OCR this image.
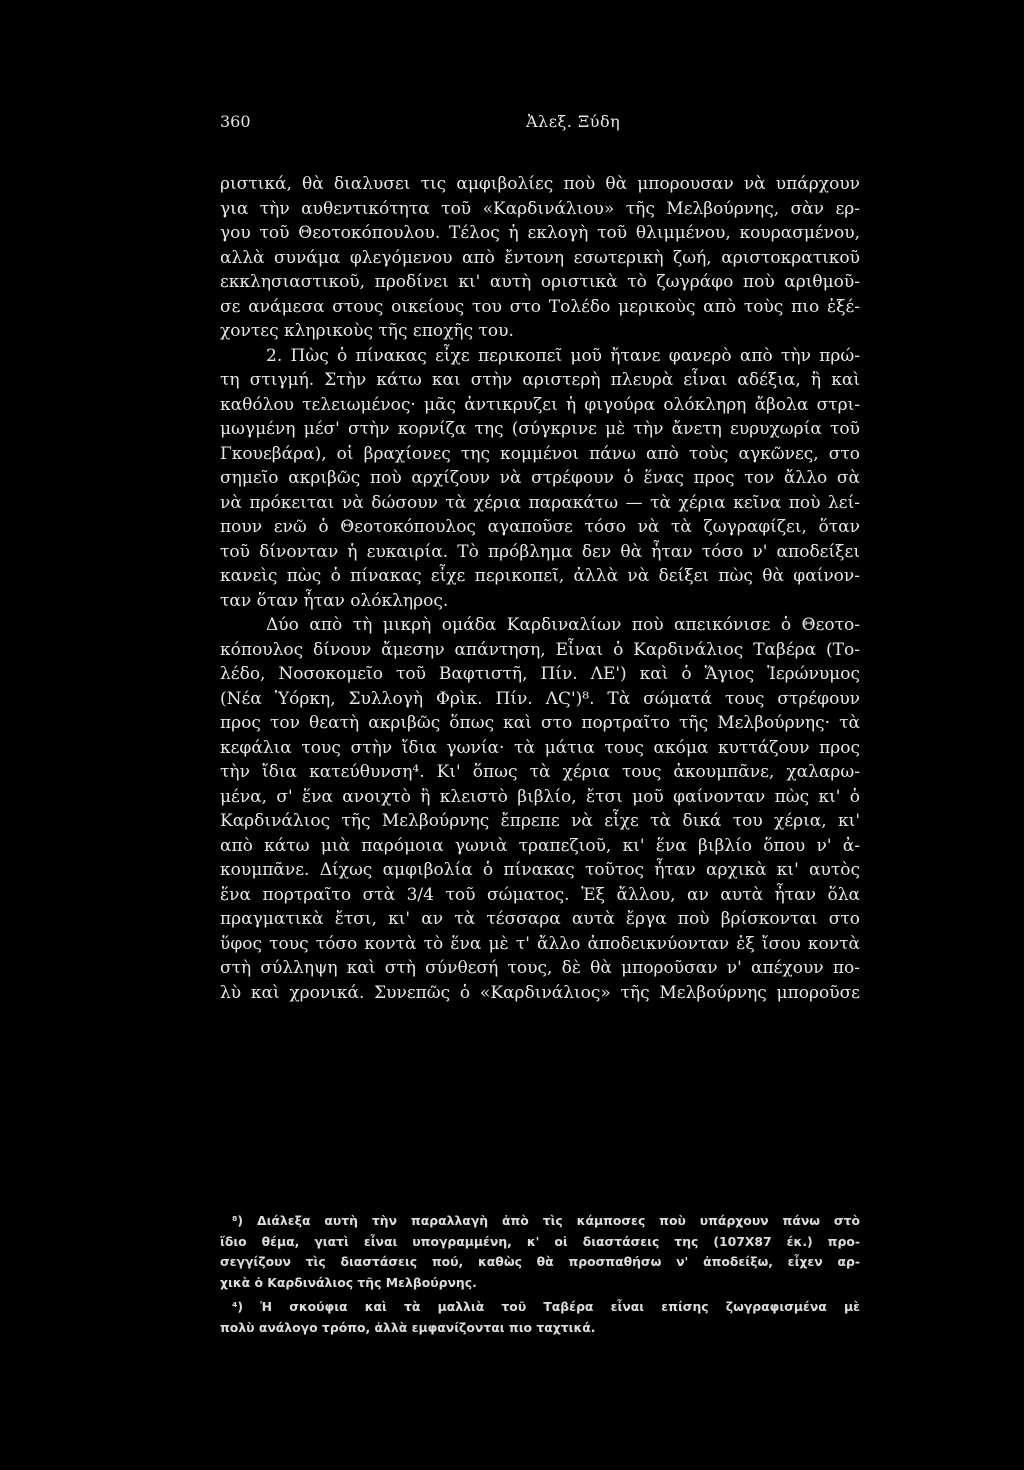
360	Ἀλεξ. Ξύδη
ριστικά, θὰ διαλυσει τις αμφιβολίες ποὺ θὰ μπορουσαν νὰ υπάρχουν
για τὴν αυθεντικότητα τοῦ «Καρδινάλιου» τῆς Μελβούρνης, σὰν ερ-
γου τοῦ Θεοτοκόπουλου. Τέλος ἡ εκλογὴ τοῦ θλιμμένου, κουρασμένου,
αλλὰ συνάμα φλεγόμενου απὸ ἔντονη εσωτερικὴ ζωή, αριστοκρατικοῦ
εκκλησιαστικοῦ, προδίνει κι' αυτὴ οριστικὰ τὸ ζωγράφο ποὺ αριθμοῦ-
σε ανάμεσα στους οικείους του στο Τολέδο μερικοὺς απὸ τοὺς πιο ἐξέ-
χοντες κληρικοὺς τῆς εποχῆς του.
2. Πὼς ὁ πίνακας εἶχε περικοπεῖ μοῦ ἤτανε φανερὸ απὸ τὴν πρώ-
τη στιγμή. Στὴν κάτω και στὴν αριστερὴ πλευρὰ εἶναι αδέξια, ἢ καὶ
καθόλου τελειωμένος· μᾶς ἀντικρυζει ἡ φιγούρα ολόκληρη ἄβολα στρι-
μωγμένη μέσ' στὴν κορνίζα της (σύγκρινε μὲ τὴν ἄνετη ευρυχωρία τοῦ
Γκουεβάρα), οἱ βραχίονες της κομμένοι πάνω απὸ τοὺς αγκῶνες, στο
σημεῖο ακριβῶς ποὺ αρχίζουν νὰ στρέφουν ὁ ἕνας προς τον ἄλλο σὰ
νὰ πρόκειται νὰ δώσουν τὰ χέρια παρακάτω — τὰ χέρια κεῖνα ποὺ λεί-
πουν ενῶ ὁ Θεοτοκόπουλος αγαποῦσε τόσο νὰ τὰ ζωγραφίζει, ὅταν
τοῦ δίνονταν ἡ ευκαιρία. Τὸ πρόβλημα δεν θὰ ἦταν τόσο ν' αποδείξει
κανεὶς πὼς ὁ πίνακας εἶχε περικοπεῖ, ἀλλὰ νὰ δείξει πὼς θὰ φαίνον-
ταν ὅταν ἦταν ολόκληρος.
Δύο απὸ τὴ μικρὴ ομάδα Καρδιναλίων ποὺ απεικόνισε ὁ Θεοτο-
κόπουλος δίνουν ἄμεσην απάντηση, Εἶναι ὁ Καρδινάλιος Ταβέρα (Το-
λέδο, Νοσοκομεῖο τοῦ Βαφτιστῆ, Πίν. ΛΕ') καὶ ὁ Ἅγιος Ἱερώνυμος
(Νέα Ὑόρκη, Συλλογὴ Φρὶκ. Πίν. ΛϚ')⁸. Τὰ σώματά τους στρέφουν
προς τον θεατὴ ακριβῶς ὅπως καὶ στο πορτραῖτο τῆς Μελβούρνης· τὰ
κεφάλια τους στὴν ἴδια γωνία· τὰ μάτια τους ακόμα κυττάζουν προς
τὴν ἴδια κατεύθυνση⁴. Κι' ὅπως τὰ χέρια τους ἀκουμπᾶνε, χαλαρω-
μένα, σ' ἕνα ανοιχτὸ ἢ κλειστὸ βιβλίο, ἔτσι μοῦ φαίνονταν πὼς κι' ὁ
Καρδινάλιος τῆς Μελβούρνης ἔπρεπε νὰ εἶχε τὰ δικά του χέρια, κι'
απὸ κάτω μιὰ παρόμοια γωνιὰ τραπεζιοῦ, κι' ἕνα βιβλίο ὅπου ν' ἀ-
κουμπᾶνε. Δίχως αμφιβολία ὁ πίνακας τοῦτος ἦταν αρχικὰ κι' αυτὸς
ἕνα πορτραῖτο στὰ 3/4 τοῦ σώματος. Ἐξ ἄλλου, αν αυτὰ ἦταν ὅλα
πραγματικὰ ἔτσι, κι' αν τὰ τέσσαρα αυτὰ ἔργα ποὺ βρίσκονται στο
ὕφος τους τόσο κοντὰ τὸ ἕνα μὲ τ' ἄλλο ἀποδεικνύονταν ἐξ ἴσου κοντὰ
στὴ σύλληψη καὶ στὴ σύνθεσή τους, δὲ θὰ μποροῦσαν ν' απέχουν πο-
λὺ καὶ χρονικά. Συνεπῶς ὁ «Καρδινάλιος» τῆς Μελβούρνης μποροῦσε
⁸) Διάλεξα αυτὴ τὴν παραλλαγὴ ἀπὸ τὶς κάμποσες ποὺ υπάρχουν πάνω στὸ
ἴδιο θέμα, γιατὶ εἶναι υπογραμμένη, κ' οἱ διαστάσεις της (107X87 έκ.) προ-
σεγγίζουν τὶς διαστάσεις πού, καθὼς θὰ προσπαθήσω ν' ἀποδείξω, εἶχεν αρ-
χικὰ ὁ Καρδινάλιος τῆς Μελβούρνης.
⁴) Ἡ σκούφια καὶ τὰ μαλλιὰ τοῦ Ταβέρα εἶναι επίσης ζωγραφισμένα μὲ
πολὺ ανάλογο τρόπο, ἀλλὰ εμφανίζονται πιο ταχτικά.
